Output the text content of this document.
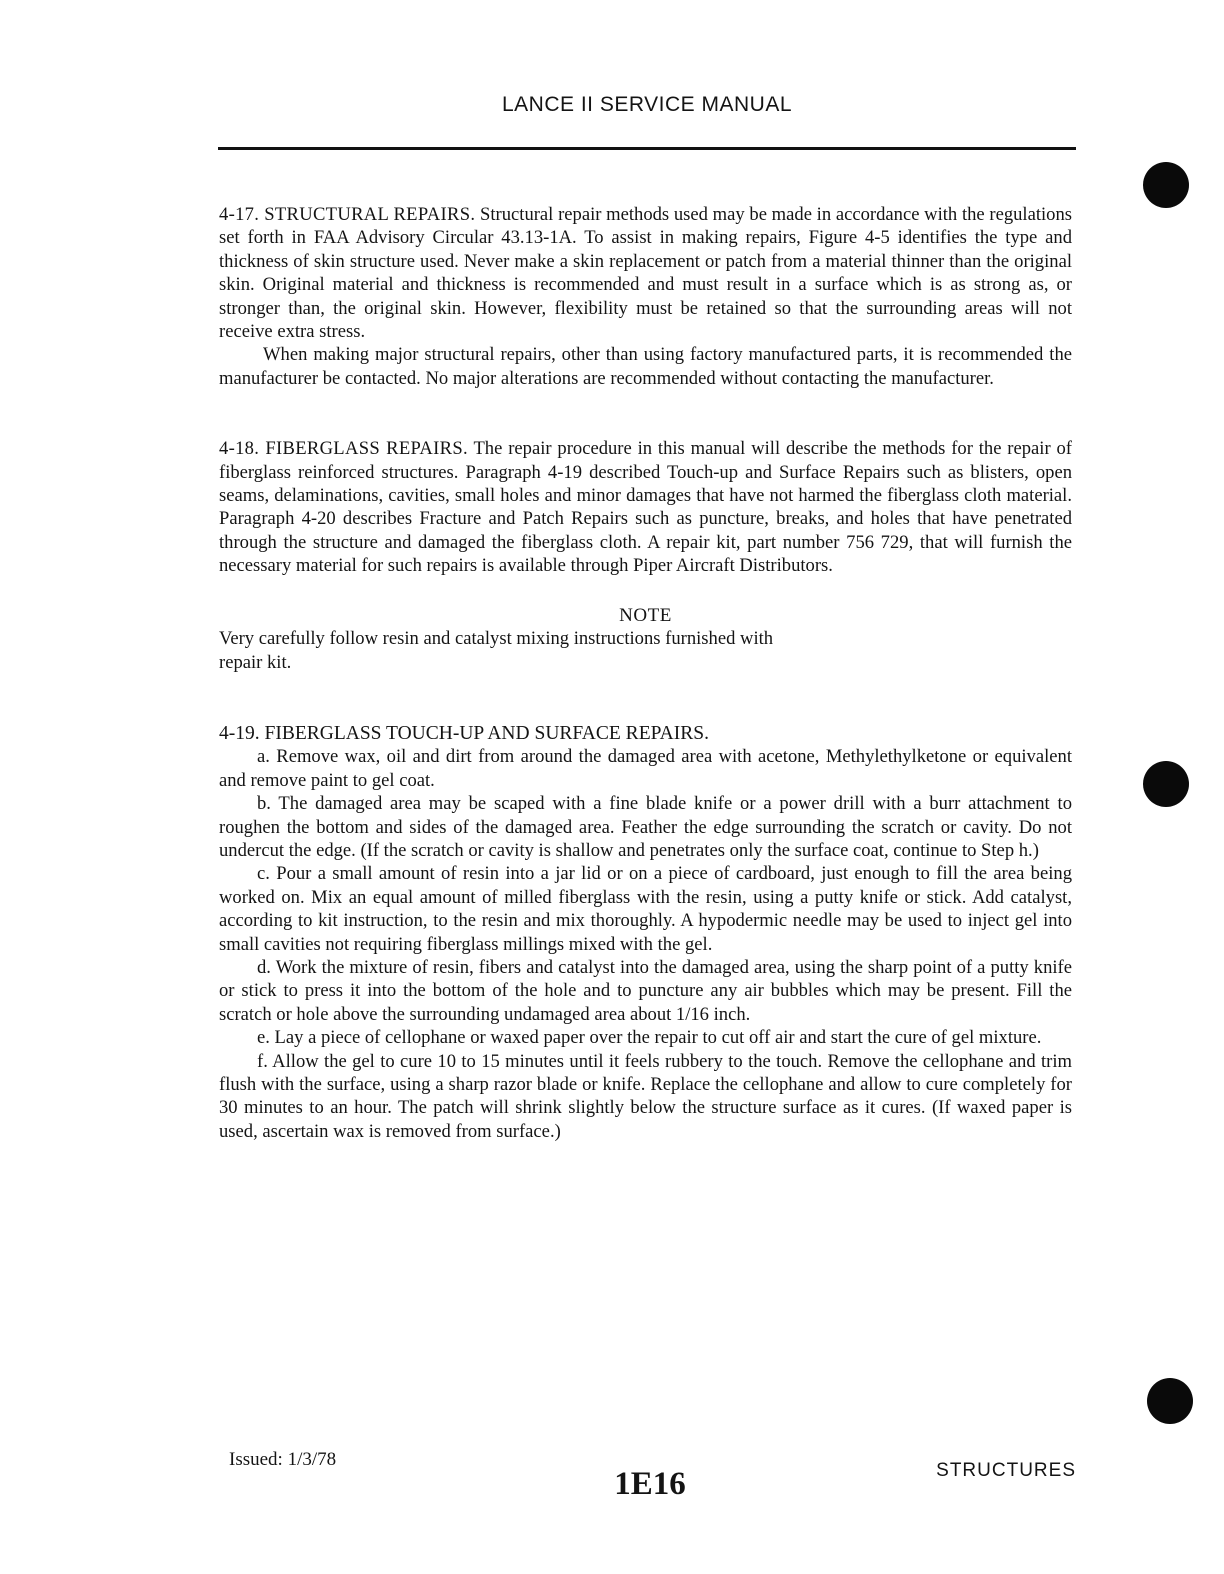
LANCE II SERVICE MANUAL

4-17. STRUCTURAL REPAIRS. Structural repair methods used may be made in accordance with the regulations set forth in FAA Advisory Circular 43.13-1A. To assist in making repairs, Figure 4-5 identifies the type and thickness of skin structure used. Never make a skin replacement or patch from a material thinner than the original skin. Original material and thickness is recommended and must result in a surface which is as strong as, or stronger than, the original skin. However, flexibility must be retained so that the surrounding areas will not receive extra stress.

When making major structural repairs, other than using factory manufactured parts, it is recommended the manufacturer be contacted. No major alterations are recommended without contacting the manufacturer.

4-18. FIBERGLASS REPAIRS. The repair procedure in this manual will describe the methods for the repair of fiberglass reinforced structures. Paragraph 4-19 described Touch-up and Surface Repairs such as blisters, open seams, delaminations, cavities, small holes and minor damages that have not harmed the fiberglass cloth material. Paragraph 4-20 describes Fracture and Patch Repairs such as puncture, breaks, and holes that have penetrated through the structure and damaged the fiberglass cloth. A repair kit, part number 756 729, that will furnish the necessary material for such repairs is available through Piper Aircraft Distributors.

NOTE

Very carefully follow resin and catalyst mixing instructions furnished with repair kit.

4-19. FIBERGLASS TOUCH-UP AND SURFACE REPAIRS.

a. Remove wax, oil and dirt from around the damaged area with acetone, Methylethylketone or equivalent and remove paint to gel coat.

b. The damaged area may be scaped with a fine blade knife or a power drill with a burr attachment to roughen the bottom and sides of the damaged area. Feather the edge surrounding the scratch or cavity. Do not undercut the edge. (If the scratch or cavity is shallow and penetrates only the surface coat, continue to Step h.)

c. Pour a small amount of resin into a jar lid or on a piece of cardboard, just enough to fill the area being worked on. Mix an equal amount of milled fiberglass with the resin, using a putty knife or stick. Add catalyst, according to kit instruction, to the resin and mix thoroughly. A hypodermic needle may be used to inject gel into small cavities not requiring fiberglass millings mixed with the gel.

d. Work the mixture of resin, fibers and catalyst into the damaged area, using the sharp point of a putty knife or stick to press it into the bottom of the hole and to puncture any air bubbles which may be present. Fill the scratch or hole above the surrounding undamaged area about 1/16 inch.

e. Lay a piece of cellophane or waxed paper over the repair to cut off air and start the cure of gel mixture.

f. Allow the gel to cure 10 to 15 minutes until it feels rubbery to the touch. Remove the cellophane and trim flush with the surface, using a sharp razor blade or knife. Replace the cellophane and allow to cure completely for 30 minutes to an hour. The patch will shrink slightly below the structure surface as it cures. (If waxed paper is used, ascertain wax is removed from surface.)

Issued: 1/3/78
1E16	STRUCTURES
